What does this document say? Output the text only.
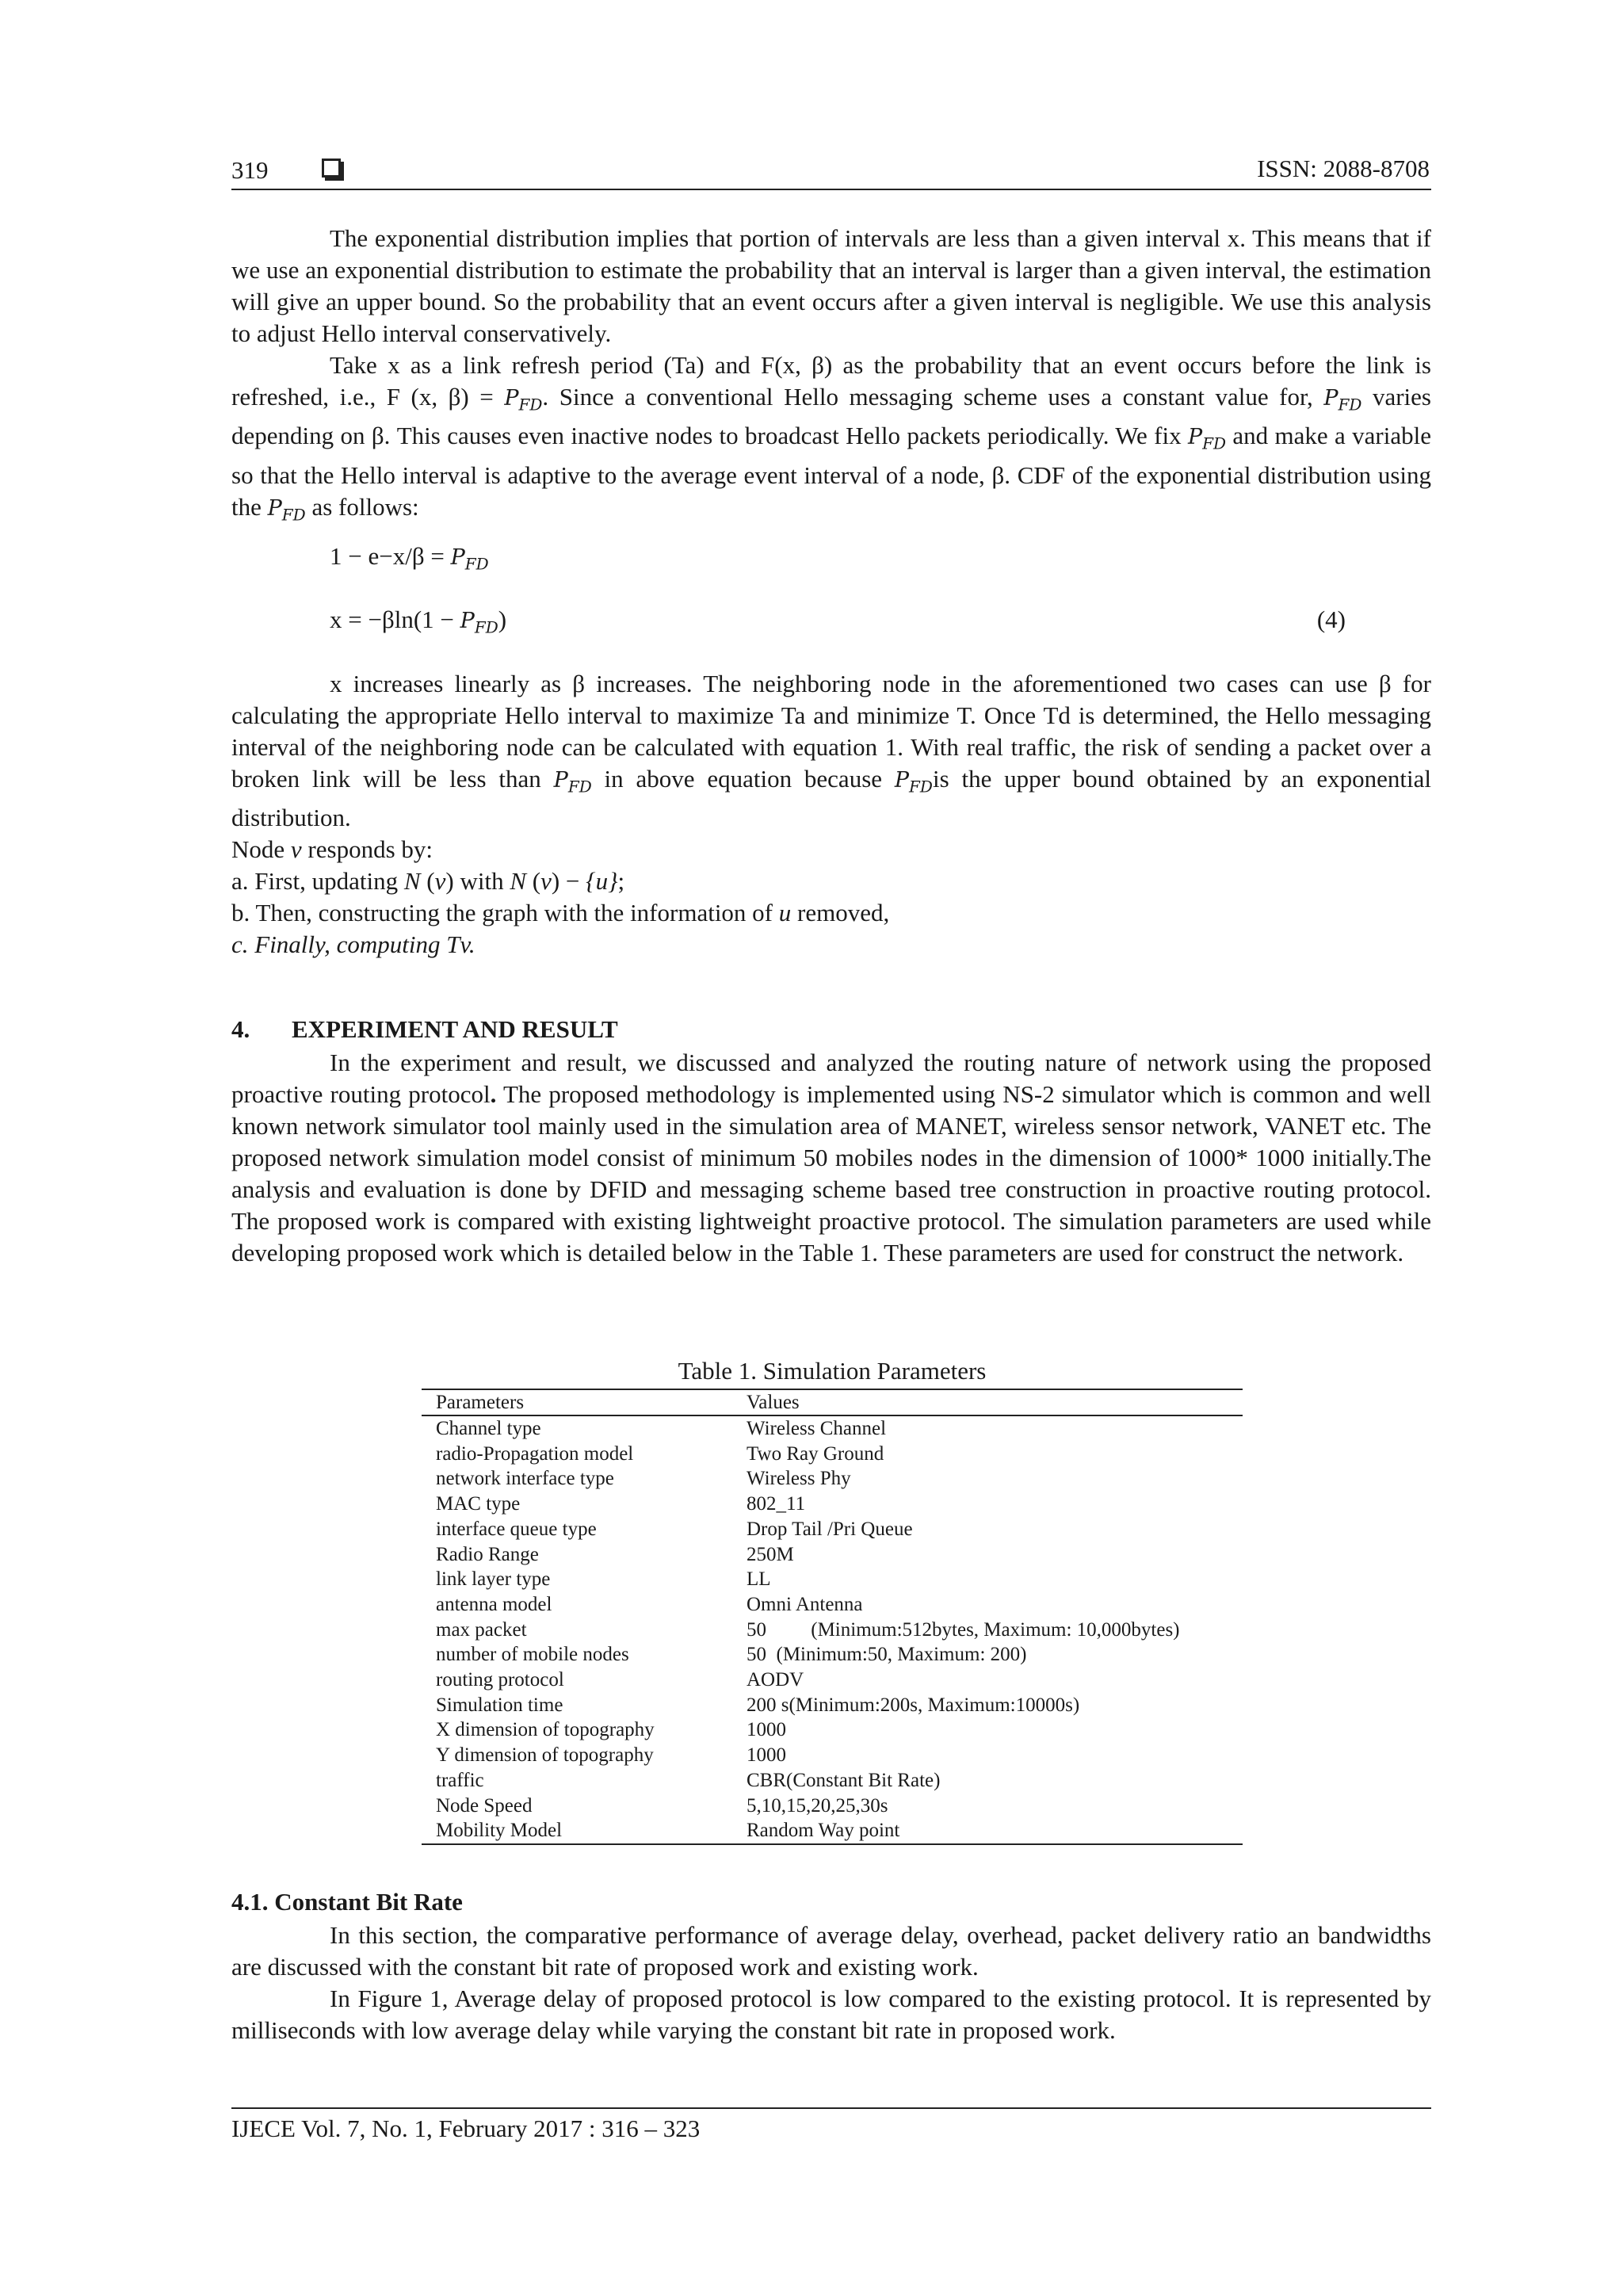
319	ISSN: 2088-8708

The exponential distribution implies that portion of intervals are less than a given interval x. This means that if we use an exponential distribution to estimate the probability that an interval is larger than a given interval, the estimation will give an upper bound. So the probability that an event occurs after a given interval is negligible. We use this analysis to adjust Hello interval conservatively.

Take x as a link refresh period (Ta) and F(x, β) as the probability that an event occurs before the link is refreshed, i.e., F (x, $\beta) = P_{FD}$. Since a conventional Hello messaging scheme uses a constant value for, $P_{FD}$ varies depending on β. This causes even inactive nodes to broadcast Hello packets periodically. We fix $P_{FD}$ and make a variable so that the Hello interval is adaptive to the average event interval of a node, β. CDF of the exponential distribution using the $P_{FD}$ as follows:

$1 - e-x/\beta = P_{FD}$
$x = -\beta\ln(1 - P_{FD})$	(4)

x increases linearly as β increases. The neighboring node in the aforementioned two cases can use β for calculating the appropriate Hello interval to maximize Ta and minimize T. Once Td is determined, the Hello messaging interval of the neighboring node can be calculated with equation 1. With real traffic, the risk of sending a packet over a broken link will be less than $P_{FD}$ in above equation because $P_{FD}is$ the upper bound obtained by an exponential distribution.

Node v responds by:
a. First, updating N (v) with N (v) − {u};
b. Then, constructing the graph with the information of u removed,
c. Finally, computing Tv.
4. EXPERIMENT AND RESULT

In the experiment and result, we discussed and analyzed the routing nature of network using the proposed proactive routing protocol. The proposed methodology is implemented using NS-2 simulator which is common and well known network simulator tool mainly used in the simulation area of MANET, wireless sensor network, VANET etc. The proposed network simulation model consist of minimum 50 mobiles nodes in the dimension of 1000* 1000 initially.The analysis and evaluation is done by DFID and messaging scheme based tree construction in proactive routing protocol. The proposed work is compared with existing lightweight proactive protocol. The simulation parameters are used while developing proposed work which is detailed below in the Table 1. These parameters are used for construct the network.

Table 1. Simulation Parameters
Parameters	Values
Channel type	Wireless Channel
radio-Propagation model	Two Ray Ground
network interface type	Wireless Phy
MAC type	802_11
interface queue type	Drop Tail /Pri Queue
Radio Range	250M
link layer type	LL
antenna model	Omni Antenna
max packet	50         (Minimum:512bytes, Maximum: 10,000bytes)
number of mobile nodes	50  (Minimum:50, Maximum: 200)
routing protocol	AODV
Simulation time	200 s(Minimum:200s, Maximum:10000s)
X dimension of topography	1000
Y dimension of topography	1000
traffic	CBR(Constant Bit Rate)
Node Speed	5,10,15,20,25,30s
Mobility Model	Random Way point
4.1. Constant Bit Rate

In this section, the comparative performance of average delay, overhead, packet delivery ratio an bandwidths are discussed with the constant bit rate of proposed work and existing work.

In Figure 1, Average delay of proposed protocol is low compared to the existing protocol. It is represented by milliseconds with low average delay while varying the constant bit rate in proposed work.

IJECE Vol. 7, No. 1, February 2017 : 316 – 323
